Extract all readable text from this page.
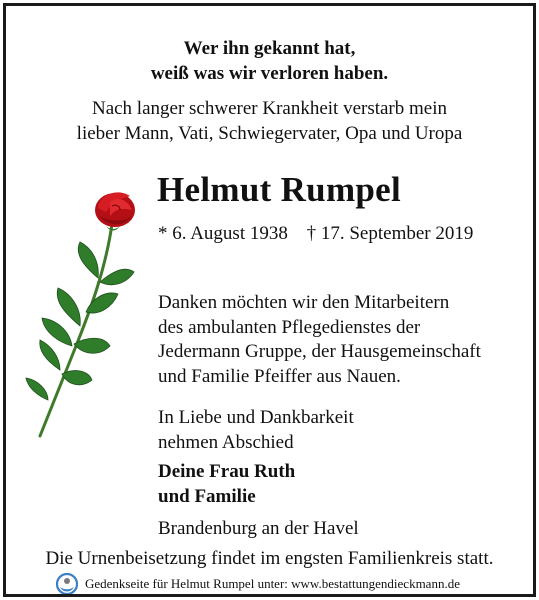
Wer ihn gekannt hat,
weiß was wir verloren haben.
Nach langer schwerer Krankheit verstarb mein
lieber Mann, Vati, Schwiegervater, Opa und Uropa
Helmut Rumpel
* 6. August 1938 † 17. September 2019
Danken möchten wir den Mitarbeitern
des ambulanten Pflegedienstes der
Jedermann Gruppe, der Hausgemeinschaft
und Familie Pfeiffer aus Nauen.
In Liebe und Dankbarkeit
nehmen Abschied
Deine Frau Ruth
und Familie
Brandenburg an der Havel
Die Urnenbeisetzung findet im engsten Familienkreis statt.
Gedenkseite für Helmut Rumpel unter: www.bestattungendieckmann.de
